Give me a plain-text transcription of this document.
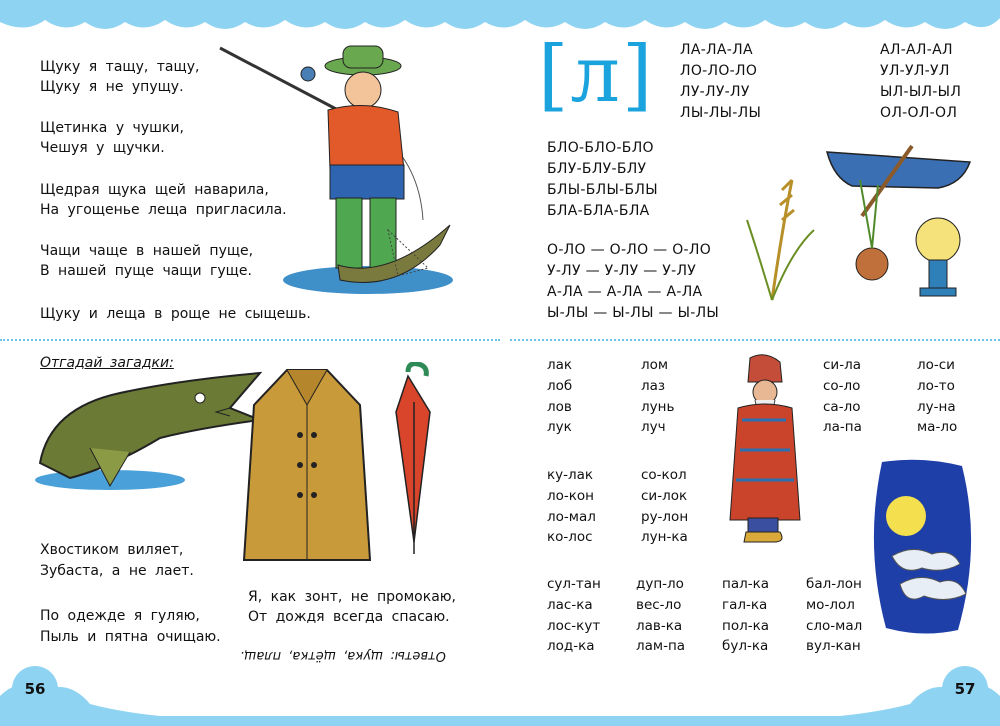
56	57
Щуку я тащу, тащу,
Щуку я не упущу.
Щетинка у чушки,
Чешуя у щучки.
Щедрая щука щей наварила,
На угощенье леща пригласила.
Чащи чаще в нашей пуще,
В нашей пуще чащи гуще.
Щуку и леща в роще не сыщешь.
Отгадай загадки:
Хвостиком виляет,
Зубаста, а не лает.
По одежде я гуляю,
Пыль и пятна очищаю.
Я, как зонт, не промокаю,
От дождя всегда спасаю.
Ответы: щука, щётка, плащ.
[л] ЛА-ЛА-ЛА
ЛО-ЛО-ЛО
ЛУ-ЛУ-ЛУ
ЛЫ-ЛЫ-ЛЫ
АЛ-АЛ-АЛ
УЛ-УЛ-УЛ
ЫЛ-ЫЛ-ЫЛ
ОЛ-ОЛ-ОЛ
БЛО-БЛО-БЛО
БЛУ-БЛУ-БЛУ
БЛЫ-БЛЫ-БЛЫ
БЛА-БЛА-БЛА
О-ЛО — О-ЛО — О-ЛО
У-ЛУ — У-ЛУ — У-ЛУ
А-ЛА — А-ЛА — А-ЛА
Ы-ЛЫ — Ы-ЛЫ — Ы-ЛЫ
лак
лоб
лов
лук
лом
лаз
лунь
луч
си-ла
со-ло
са-ло
ла-па
ло-си
ло-то
лу-на
ма-ло
ку-лак
ло-кон
ло-мал
ко-лос
со-кол
си-лок
ру-лон
лун-ка
сул-тан
лас-ка
лос-кут
лод-ка
дуп-ло
вес-ло
лав-ка
лам-па
пал-ка
гал-ка
пол-ка
бул-ка
бал-лон
мо-лол
сло-мал
вул-кан
